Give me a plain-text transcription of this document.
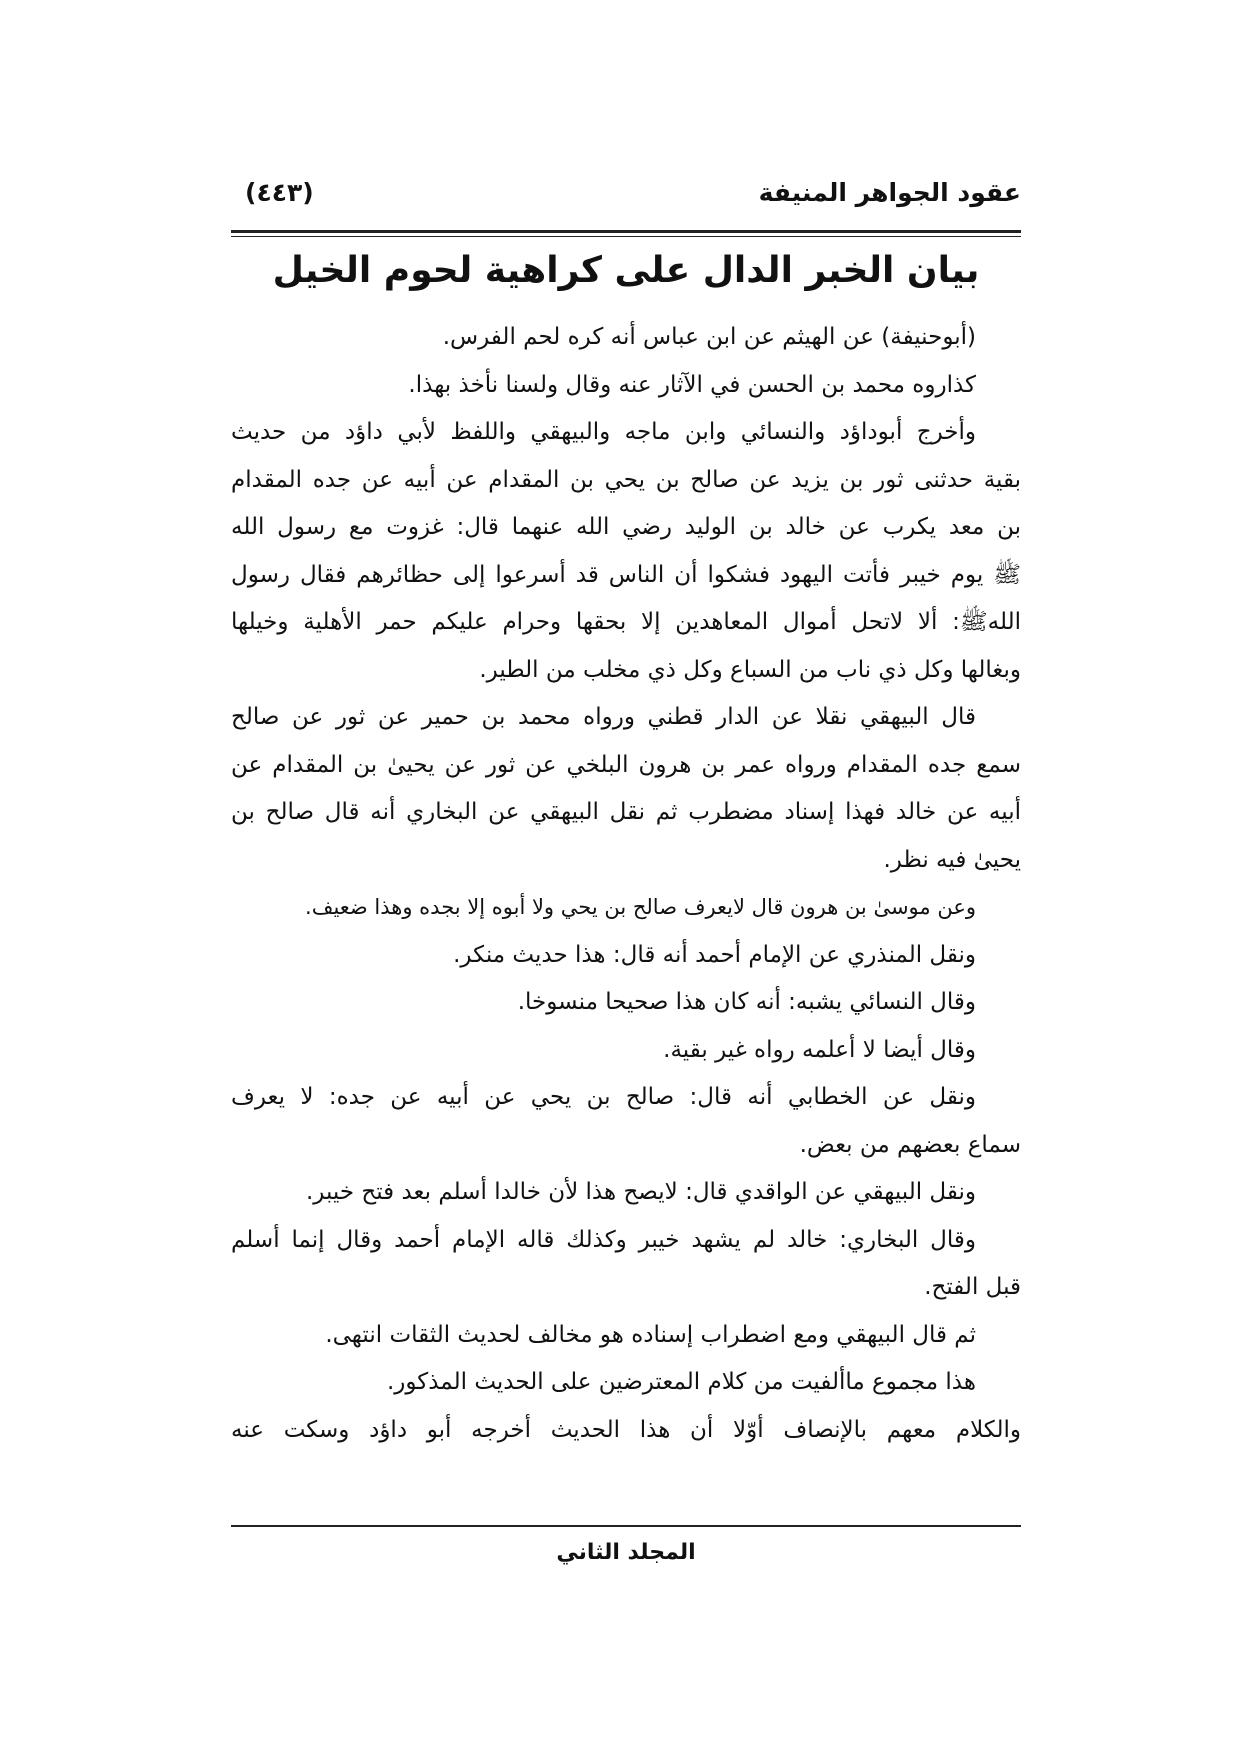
عقود الجواهر المنيفة
(٤٤٣)
بيان الخبر الدال على كراهية لحوم الخيل
(أبوحنيفة) عن الهيثم عن ابن عباس أنه كره لحم الفرس.
كذاروه محمد بن الحسن في الآثار عنه وقال ولسنا نأخذ بهذا.
وأخرج أبوداؤد والنسائي وابن ماجه والبيهقي واللفظ لأبي داؤد من حديث
بقية حدثنى ثور بن يزيد عن صالح بن يحي بن المقدام عن أبيه عن جده المقدام
بن معد يكرب عن خالد بن الوليد رضي الله عنهما قال: غزوت مع رسول الله
ﷺ يوم خيبر فأتت اليهود فشكوا أن الناس قد أسرعوا إلى حظائرهم فقال رسول
اللهﷺ: ألا لاتحل أموال المعاهدين إلا بحقها وحرام عليكم حمر الأهلية وخيلها
وبغالها وكل ذي ناب من السباع وكل ذي مخلب من الطير.
قال البيهقي نقلا عن الدار قطني ورواه محمد بن حمير عن ثور عن صالح
سمع جده المقدام ورواه عمر بن هرون البلخي عن ثور عن يحيىٰ بن المقدام عن
أبيه عن خالد فهذا إسناد مضطرب ثم نقل البيهقي عن البخاري أنه قال صالح بن
يحيىٰ فيه نظر.
وعن موسىٰ بن هرون قال لايعرف صالح بن يحي ولا أبوه إلا بجده وهذا ضعيف.
ونقل المنذري عن الإمام أحمد أنه قال: هذا حديث منكر.
وقال النسائي يشبه: أنه كان هذا صحيحا منسوخا.
وقال أيضا لا أعلمه رواه غير بقية.
ونقل عن الخطابي أنه قال: صالح بن يحي عن أبيه عن جده: لا يعرف
سماع بعضهم من بعض.
ونقل البيهقي عن الواقدي قال: لايصح هذا لأن خالدا أسلم بعد فتح خيبر.
وقال البخاري: خالد لم يشهد خيبر وكذلك قاله الإمام أحمد وقال إنما أسلم
قبل الفتح.
ثم قال البيهقي ومع اضطراب إسناده هو مخالف لحديث الثقات انتهى.
هذا مجموع ماألفيت من كلام المعترضين على الحديث المذكور.
والكلام معهم بالإنصاف أوّلا أن هذا الحديث أخرجه أبو داؤد وسكت عنه
المجلد الثاني
